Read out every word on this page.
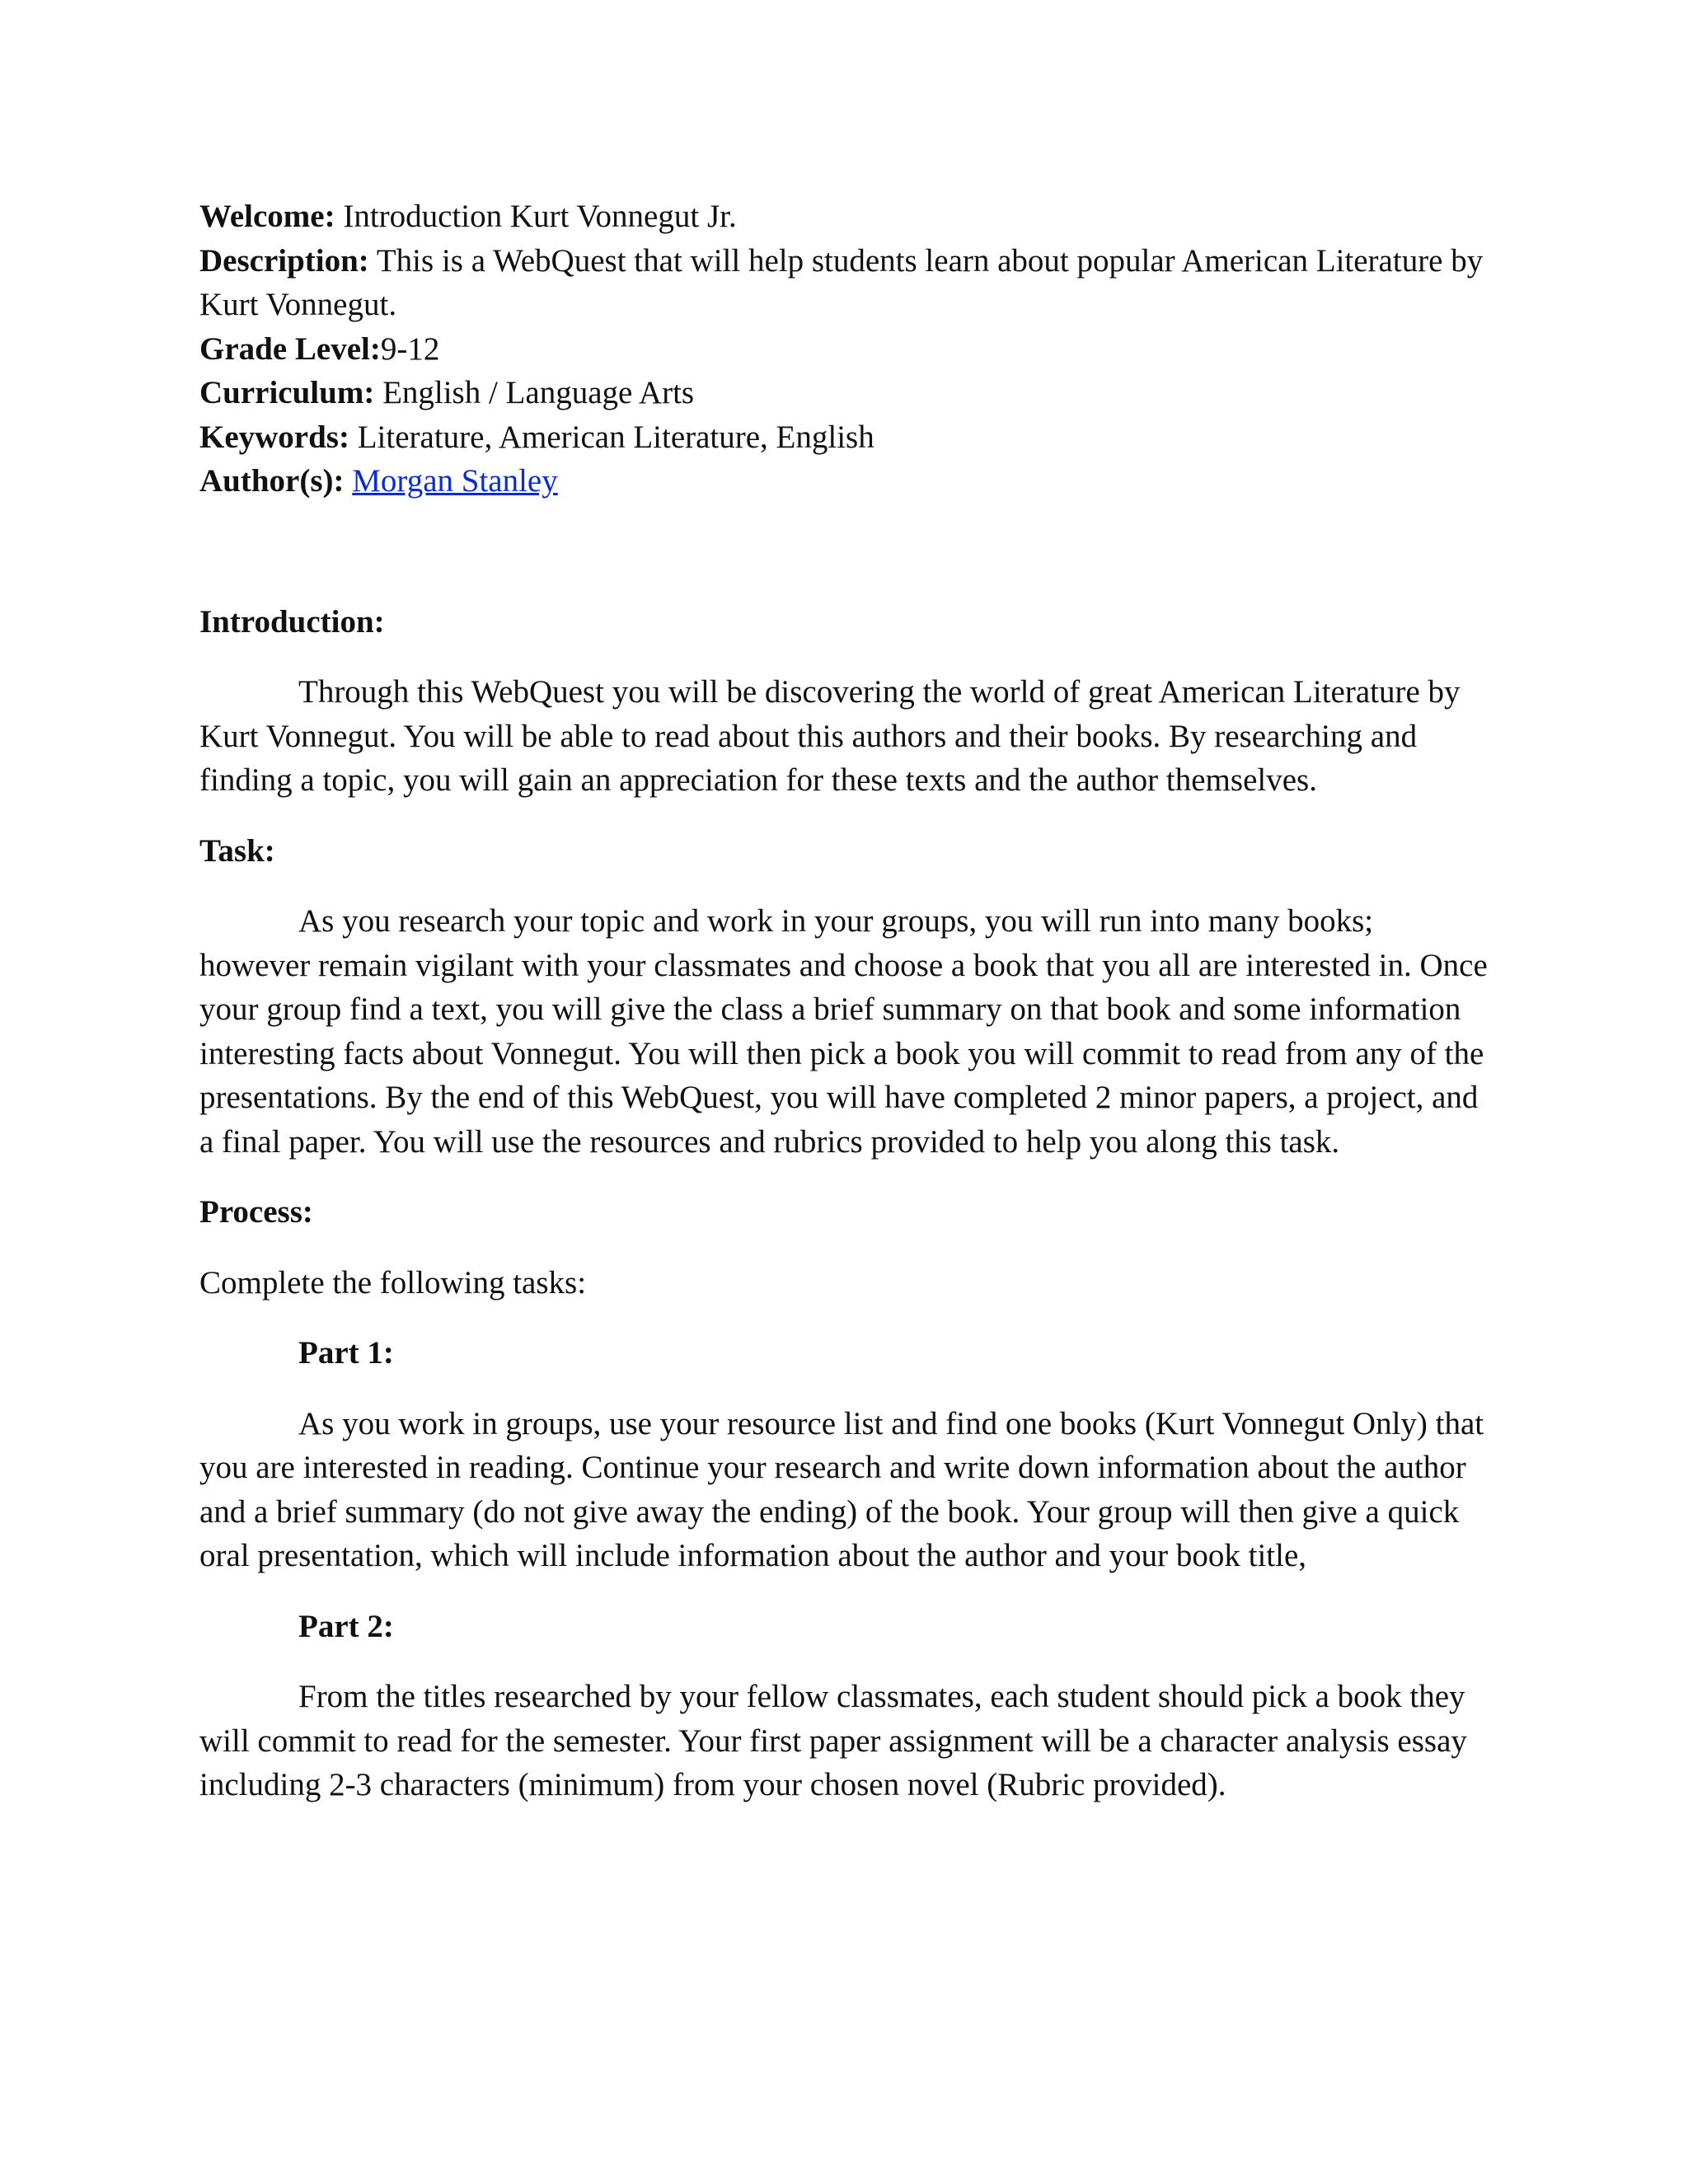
Welcome: Introduction Kurt Vonnegut Jr.

Description: This is a WebQuest that will help students learn about popular American Literature by Kurt Vonnegut.

Grade Level:9-12

Curriculum: English / Language Arts

Keywords: Literature, American Literature, English

Author(s): Morgan Stanley

Introduction:

Through this WebQuest you will be discovering the world of great American Literature by Kurt Vonnegut. You will be able to read about this authors and their books. By researching and finding a topic, you will gain an appreciation for these texts and the author themselves.

Task:

As you research your topic and work in your groups, you will run into many books; however remain vigilant with your classmates and choose a book that you all are interested in. Once your group find a text, you will give the class a brief summary on that book and some information interesting facts about Vonnegut. You will then pick a book you will commit to read from any of the presentations. By the end of this WebQuest, you will have completed 2 minor papers, a project, and a final paper. You will use the resources and rubrics provided to help you along this task.

Process:

Complete the following tasks:

Part 1:

As you work in groups, use your resource list and find one books (Kurt Vonnegut Only) that you are interested in reading. Continue your research and write down information about the author and a brief summary (do not give away the ending) of the book. Your group will then give a quick oral presentation, which will include information about the author and your book title,

Part 2:

From the titles researched by your fellow classmates, each student should pick a book they will commit to read for the semester. Your first paper assignment will be a character analysis essay including 2-3 characters (minimum) from your chosen novel (Rubric provided).
